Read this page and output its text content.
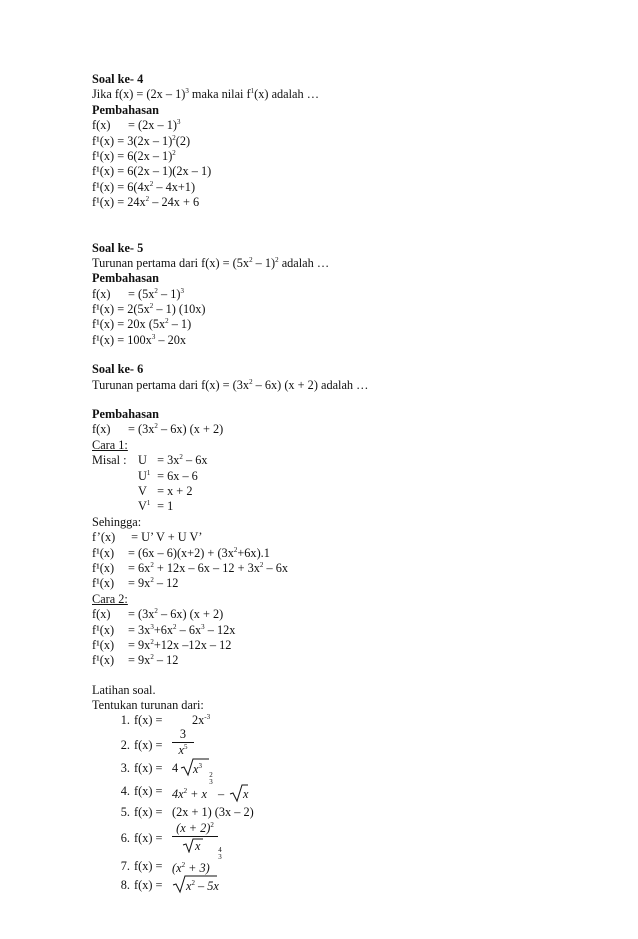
Soal ke- 4
Jika f(x) = (2x – 1)$^3$ maka nilai $f^1(x)$ adalah …
Pembahasan
f(x) = (2x – 1)$^3$
f¹(x) = 3(2x – 1)$^2$(2)
f¹(x) = 6(2x – 1)$^2$
f¹(x) = 6(2x – 1)(2x – 1)
$f^1(x) = 6(4x^2 - 4x+1)$
$f^1(x) = 24x^2 - 24x + 6$
Soal ke- 5
Turunan pertama dari $f(x) = (5x^2 - 1)^2$ adalah …
Pembahasan
$f(x) = (5x^2 - 1)^3$
$f^1(x) = 2(5x^2 - 1)$ (10x)
f¹(x) = 20x $(5x^2 - 1)$
$f^1(x) = 100x^3 - 20x$
Soal ke- 6
Turunan pertama dari $f(x) = (3x^2 - 6x) (x + 2)$ adalah …
Pembahasan
$f(x) = (3x^2 - 6x) (x + 2)$
Cara 1:
Misal :U = $3x^2 - 6x$
$U^1 = 6x - 6$
V = x + 2
$V^1 = 1$
Sehingga:
f’(x) = U’ V + U V’
$f^1(x) = (6x - 6)(x+2) + (3x^2+6x).1$
$f^1(x) = 6x^2 + 12x - 6x - 12 + 3x^2 - 6x$
$f^1(x) = 9x^2 - 12$
Cara 2:
$f(x) = (3x^2 - 6x) (x + 2)$
$f^1(x) = 3x^3+6x^2 - 6x^3 - 12x$
$f^1(x) = 9x^2+12x$ –12x – 12
$f^1(x) = 9x^2 - 12$
Latihan soal.
Tentukan turunan dari:
1. $f(x) = 2x^{-3}$
2. $f(x) = \frac{3}{x^5}$
3. f(x) = 4 $x^3$
4. $f(x) = 4x^2 + x$
2
3
– x
5. f(x) = (2x + 1) (3x – 2)
6. $f(x) = \frac{(x + 2)^2}{x}$
7. $f(x) = (x^2 + 3)$
4
3
8. $f(x) = x^2 - 5x$
